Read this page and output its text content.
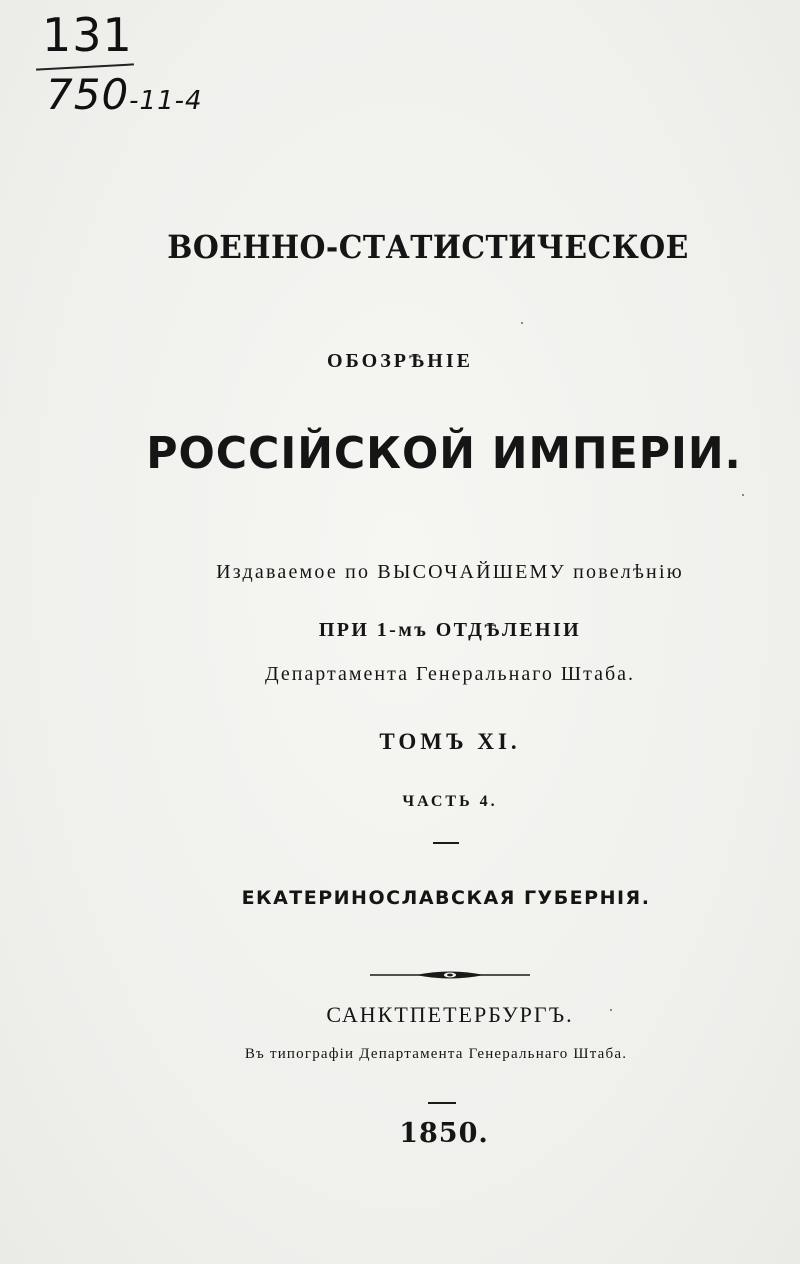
131
750-11-4
ВОЕННО-СТАТИСТИЧЕСКОЕ
ОБОЗРѢНІЕ
РОССІЙСКОЙ ИМПЕРІИ.
Издаваемое по ВЫСОЧАЙШЕМУ повелѣнію
ПРИ 1-мъ ОТДѢЛЕНІИ
Департамента Генеральнаго Штаба.
ТОМЪ XI.
ЧАСТЬ 4.
ЕКАТЕРИНОСЛАВСКАЯ ГУБЕРНІЯ.
САНКТПЕТЕРБУРГЪ.
Въ типографіи Департамента Генеральнаго Штаба.
1850.
